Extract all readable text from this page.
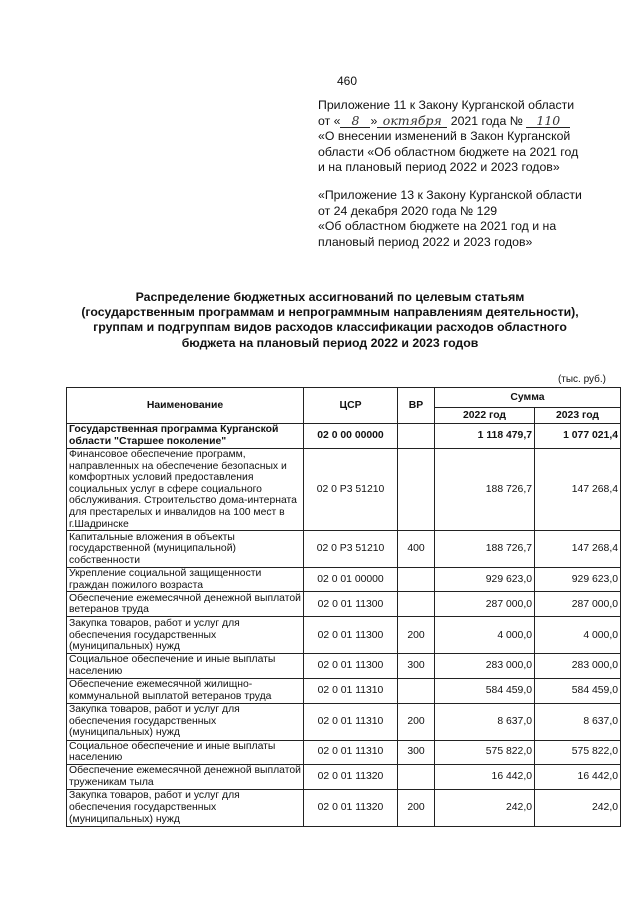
460
Приложение 11 к Закону Курганской области
от « 8 » октября 2021 года № 110
«О внесении изменений в Закон Курганской
области «Об областном бюджете на 2021 год
и на плановый период 2022 и 2023 годов»
«Приложение 13 к Закону Курганской области
от 24 декабря 2020 года № 129
«Об областном бюджете на 2021 год и на
плановый период 2022 и 2023 годов»
Распределение бюджетных ассигнований по целевым статьям
(государственным программам и непрограммным направлениям деятельности),
группам и подгруппам видов расходов классификации расходов областного
бюджета на плановый период 2022 и 2023 годов
(тыс. руб.)
Наименование	ЦСР	ВР	Сумма	
			2022 год	2023 год
Государственная программа Курганской области "Старшее поколение"	02 0 00 00000		1 118 479,7	1 077 021,4
Финансовое обеспечение программ, направленных на обеспечение безопасных и комфортных условий предоставления социальных услуг в сфере социального обслуживания. Строительство дома-интерната для престарелых и инвалидов на 100 мест в г.Шадринске	02 0 Р3 51210		188 726,7	147 268,4
Капитальные вложения в объекты государственной (муниципальной) собственности	02 0 Р3 51210	400	188 726,7	147 268,4
Укрепление социальной защищенности граждан пожилого возраста	02 0 01 00000		929 623,0	929 623,0
Обеспечение ежемесячной денежной выплатой ветеранов труда	02 0 01 11300		287 000,0	287 000,0
Закупка товаров, работ и услуг для обеспечения государственных (муниципальных) нужд	02 0 01 11300	200	4 000,0	4 000,0
Социальное обеспечение и иные выплаты населению	02 0 01 11300	300	283 000,0	283 000,0
Обеспечение ежемесячной жилищно-коммунальной выплатой ветеранов труда	02 0 01 11310		584 459,0	584 459,0
Закупка товаров, работ и услуг для обеспечения государственных (муниципальных) нужд	02 0 01 11310	200	8 637,0	8 637,0
Социальное обеспечение и иные выплаты населению	02 0 01 11310	300	575 822,0	575 822,0
Обеспечение ежемесячной денежной выплатой труженикам тыла	02 0 01 11320		16 442,0	16 442,0
Закупка товаров, работ и услуг для обеспечения государственных (муниципальных) нужд	02 0 01 11320	200	242,0	242,0
